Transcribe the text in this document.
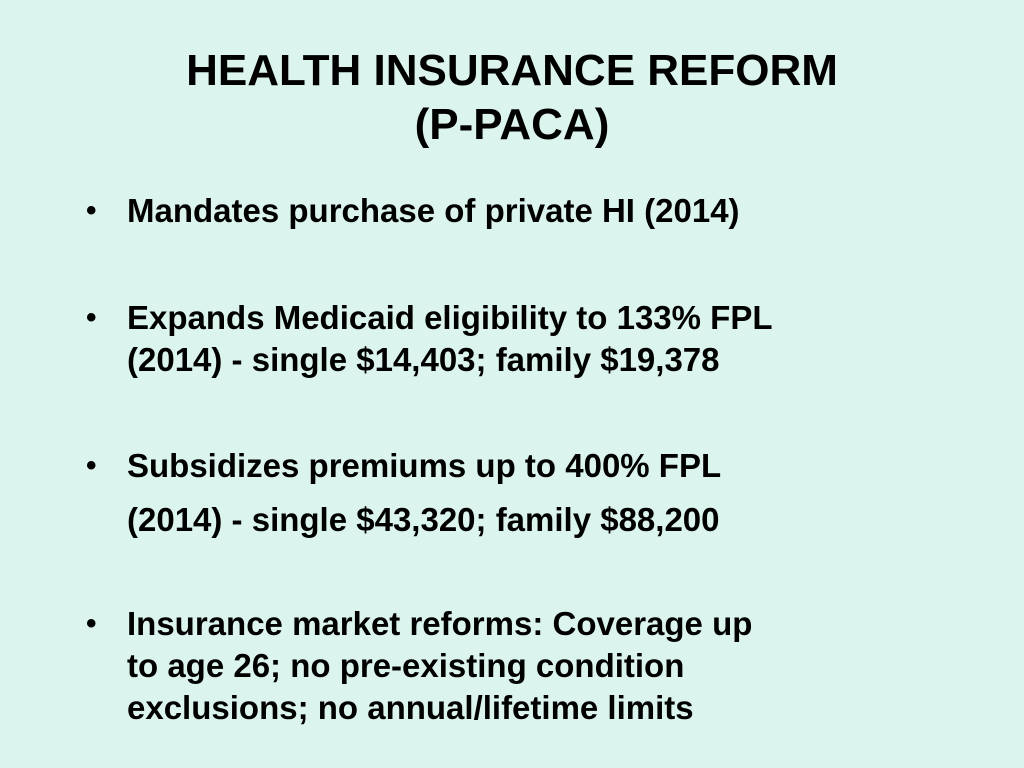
HEALTH INSURANCE REFORM
(P-PACA)
• Mandates purchase of private HI (2014)
• Expands Medicaid eligibility to 133% FPL
(2014) - single $14,403; family $19,378
• Subsidizes premiums up to 400% FPL
(2014) - single $43,320; family $88,200
• Insurance market reforms: Coverage up
to age 26; no pre-existing condition
exclusions; no annual/lifetime limits
